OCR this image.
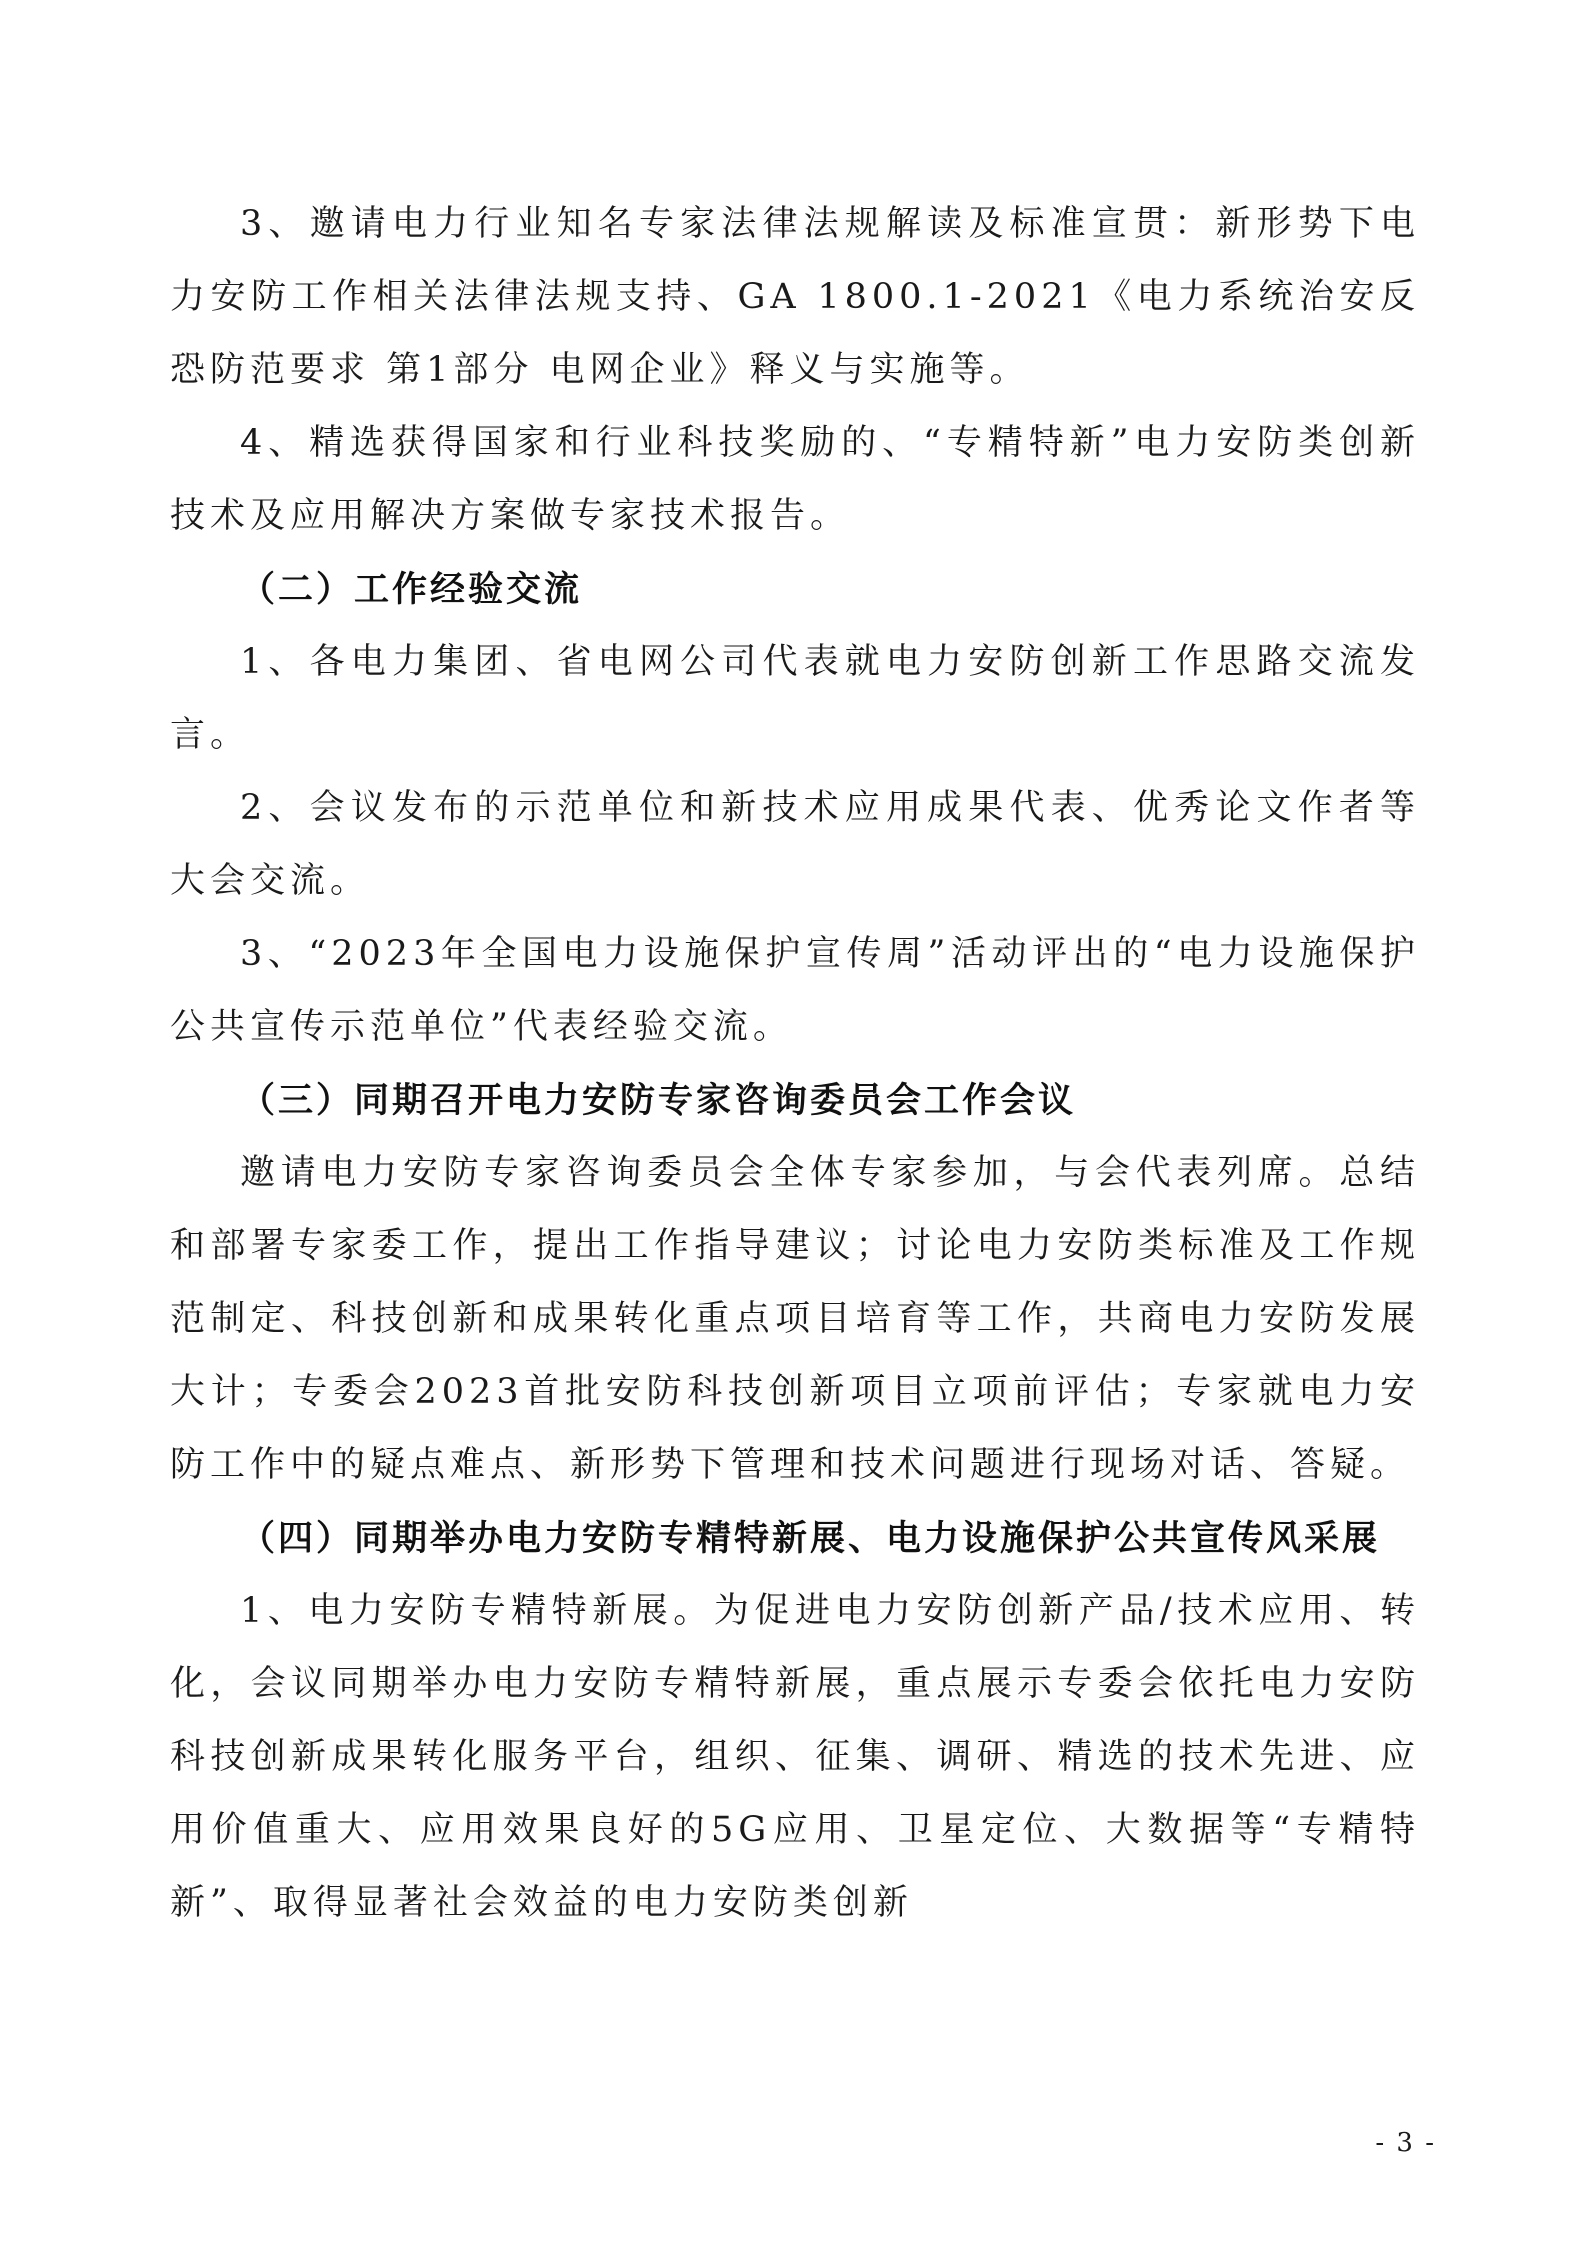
3、邀请电力行业知名专家法律法规解读及标准宣贯：新形势下电力安防工作相关法律法规支持、GA 1800.1-2021《电力系统治安反恐防范要求 第1部分 电网企业》释义与实施等。

4、精选获得国家和行业科技奖励的、“专精特新”电力安防类创新技术及应用解决方案做专家技术报告。

（二）工作经验交流

1、各电力集团、省电网公司代表就电力安防创新工作思路交流发言。

2、会议发布的示范单位和新技术应用成果代表、优秀论文作者等大会交流。

3、“2023年全国电力设施保护宣传周”活动评出的“电力设施保护公共宣传示范单位”代表经验交流。

（三）同期召开电力安防专家咨询委员会工作会议

邀请电力安防专家咨询委员会全体专家参加，与会代表列席。总结和部署专家委工作，提出工作指导建议；讨论电力安防类标准及工作规范制定、科技创新和成果转化重点项目培育等工作，共商电力安防发展大计；专委会2023首批安防科技创新项目立项前评估；专家就电力安防工作中的疑点难点、新形势下管理和技术问题进行现场对话、答疑。

（四）同期举办电力安防专精特新展、电力设施保护公共宣传风采展

1、电力安防专精特新展。为促进电力安防创新产品/技术应用、转化，会议同期举办电力安防专精特新展，重点展示专委会依托电力安防科技创新成果转化服务平台，组织、征集、调研、精选的技术先进、应用价值重大、应用效果良好的5G应用、卫星定位、大数据等“专精特新”、取得显著社会效益的电力安防类创新

- 3 -
